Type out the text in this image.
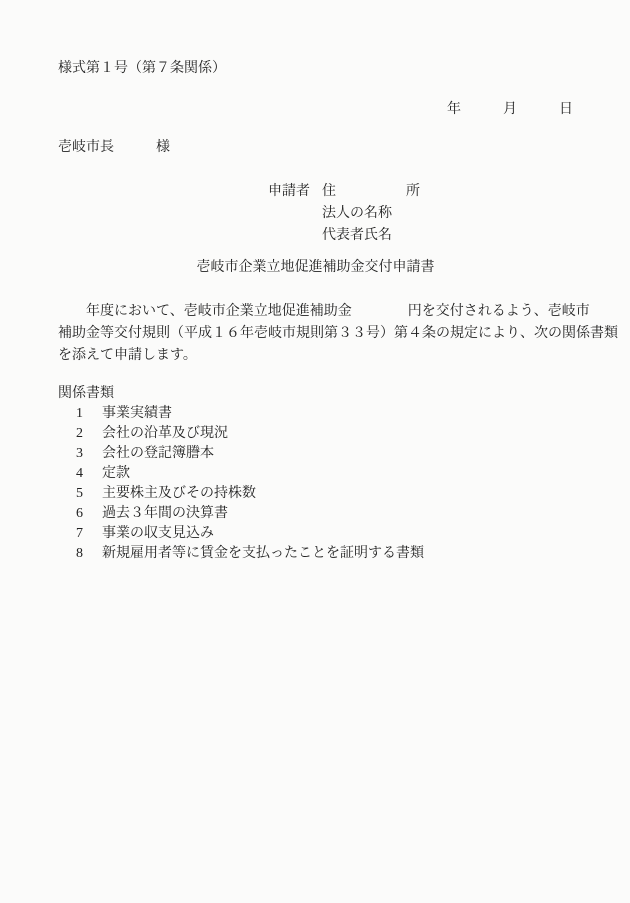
様式第１号（第７条関係）
年　　　月　　　日
壱岐市長　　　様
申請者 住　　　　　所
法人の名称
代表者氏名
壱岐市企業立地促進補助金交付申請書
　　年度において、壱岐市企業立地促進補助金　　　　円を交付されるよう、壱岐市
補助金等交付規則（平成１６年壱岐市規則第３３号）第４条の規定により、次の関係書類
を添えて申請します。
関係書類
1	事業実績書
2	会社の沿革及び現況
3	会社の登記簿謄本
4	定款
5	主要株主及びその持株数
6	過去３年間の決算書
7	事業の収支見込み
8	新規雇用者等に賃金を支払ったことを証明する書類
